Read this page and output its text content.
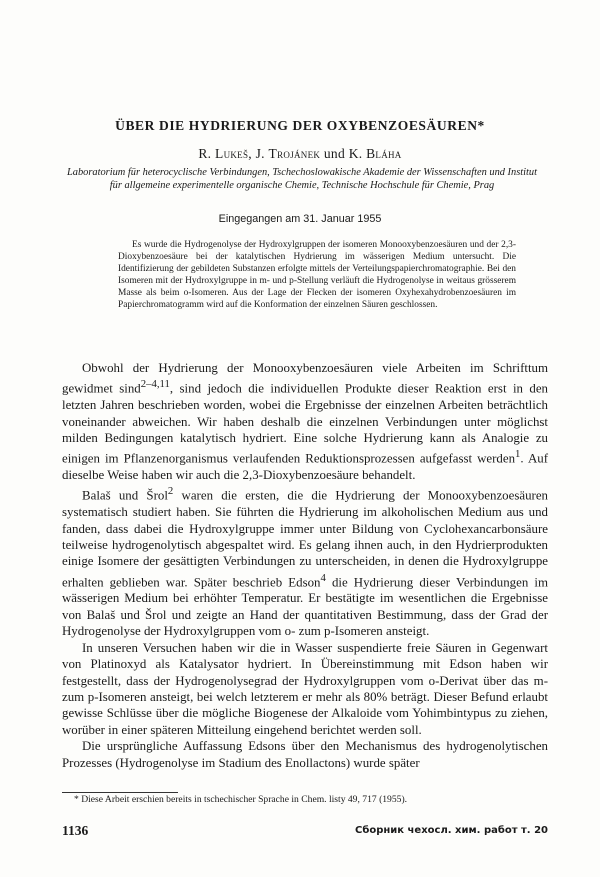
ÜBER DIE HYDRIERUNG DER OXYBENZOESÄUREN*
R. Lukeš, J. Trojánek und K. Bláha
Laboratorium für heterocyclische Verbindungen, Tschechoslowakische Akademie der Wissenschaften und Institut für allgemeine experimentelle organische Chemie, Technische Hochschule für Chemie, Prag
Eingegangen am 31. Januar 1955

Es wurde die Hydrogenolyse der Hydroxylgruppen der isomeren Monooxybenzoesäuren und der 2,3-Dioxybenzoesäure bei der katalytischen Hydrierung im wässerigen Medium untersucht. Die Identifizierung der gebildeten Substanzen erfolgte mittels der Verteilungspapierchromatographie. Bei den Isomeren mit der Hydroxylgruppe in m- und p-Stellung verläuft die Hydrogenolyse in weitaus grösserem Masse als beim o-Isomeren. Aus der Lage der Flecken der isomeren Oxyhexahydrobenzoesäuren im Papierchromatogramm wird auf die Konformation der einzelnen Säuren geschlossen.

Obwohl der Hydrierung der Monooxybenzoesäuren viele Arbeiten im Schrifttum gewidmet sind$^{2-4,11}$, sind jedoch die individuellen Produkte dieser Reaktion erst in den letzten Jahren beschrieben worden, wobei die Ergebnisse der einzelnen Arbeiten beträchtlich voneinander abweichen. Wir haben deshalb die einzelnen Verbindungen unter möglichst milden Bedingungen katalytisch hydriert. Eine solche Hydrierung kann als Analogie zu einigen im Pflanzenorganismus verlaufenden Reduktionsprozessen aufgefasst werden$^1$. Auf dieselbe Weise haben wir auch die 2,3-Dioxybenzoesäure behandelt.

Balaš und Šrol$^2$ waren die ersten, die die Hydrierung der Monooxybenzoesäuren systematisch studiert haben. Sie führten die Hydrierung im alkoholischen Medium aus und fanden, dass dabei die Hydroxylgruppe immer unter Bildung von Cyclohexancarbonsäure teilweise hydrogenolytisch abgespaltet wird. Es gelang ihnen auch, in den Hydrierprodukten einige Isomere der gesättigten Verbindungen zu unterscheiden, in denen die Hydroxylgruppe erhalten geblieben war. Später beschrieb Edson$^4$ die Hydrierung dieser Verbindungen im wässerigen Medium bei erhöhter Temperatur. Er bestätigte im wesentlichen die Ergebnisse von Balaš und Šrol und zeigte an Hand der quantitativen Bestimmung, dass der Grad der Hydrogenolyse der Hydroxylgruppen vom o- zum p-Isomeren ansteigt.

In unseren Versuchen haben wir die in Wasser suspendierte freie Säuren in Gegenwart von Platinoxyd als Katalysator hydriert. In Übereinstimmung mit Edson haben wir festgestellt, dass der Hydrogenolysegrad der Hydroxylgruppen vom o-Derivat über das m- zum p-Isomeren ansteigt, bei welch letzterem er mehr als 80% beträgt. Dieser Befund erlaubt gewisse Schlüsse über die mögliche Biogenese der Alkaloide vom Yohimbintypus zu ziehen, worüber in einer späteren Mitteilung eingehend berichtet werden soll.

Die ursprüngliche Auffassung Edsons über den Mechanismus des hydrogenolytischen Prozesses (Hydrogenolyse im Stadium des Enollactons) wurde später

* Diese Arbeit erschien bereits in tschechischer Sprache in Chem. listy 49, 717 (1955).
1136	Сборник чехосл. хим. работ т. 20
